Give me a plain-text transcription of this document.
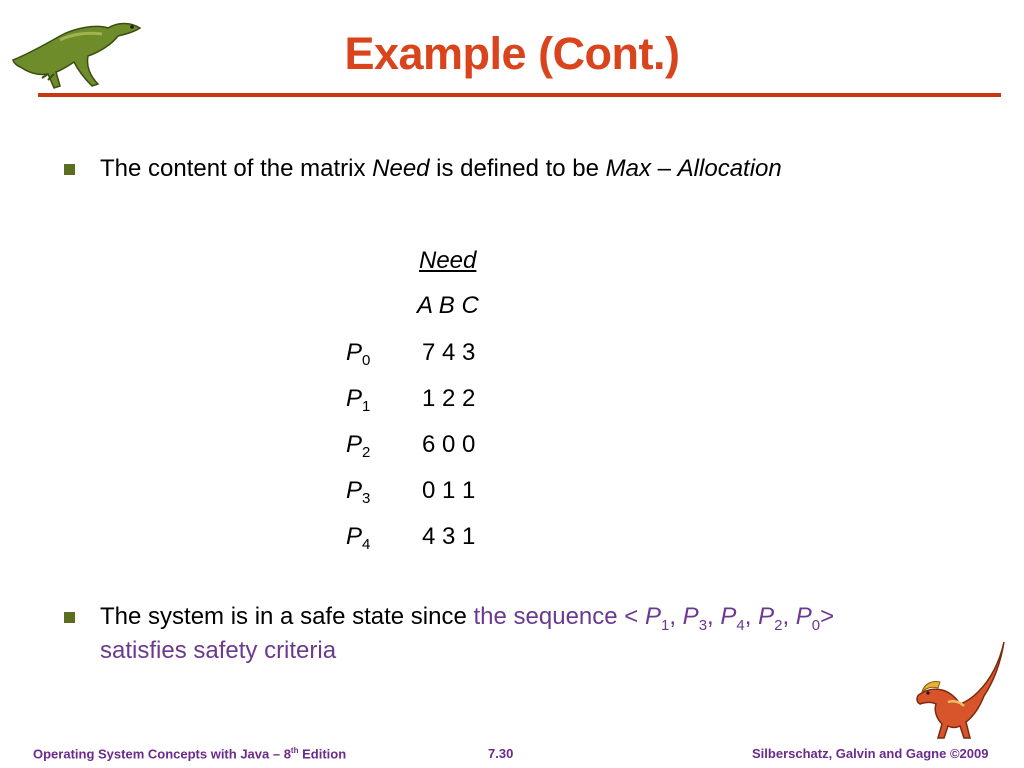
Example (Cont.)
The content of the matrix Need is defined to be Max – Allocation
Need
A B C
$P_0$ 7 4 3
$P_1$ 1 2 2
$P_2$ 6 0 0
$P_3$ 0 1 1
$P_4$ 4 3 1
The system is in a safe state since the sequence < $P_1$, $P_3$, $P_4$, $P_2$, $P_0>$
satisfies safety criteria
Operating System Concepts with Java – 8th Edition	7.30	Silberschatz, Galvin and Gagne ©2009
